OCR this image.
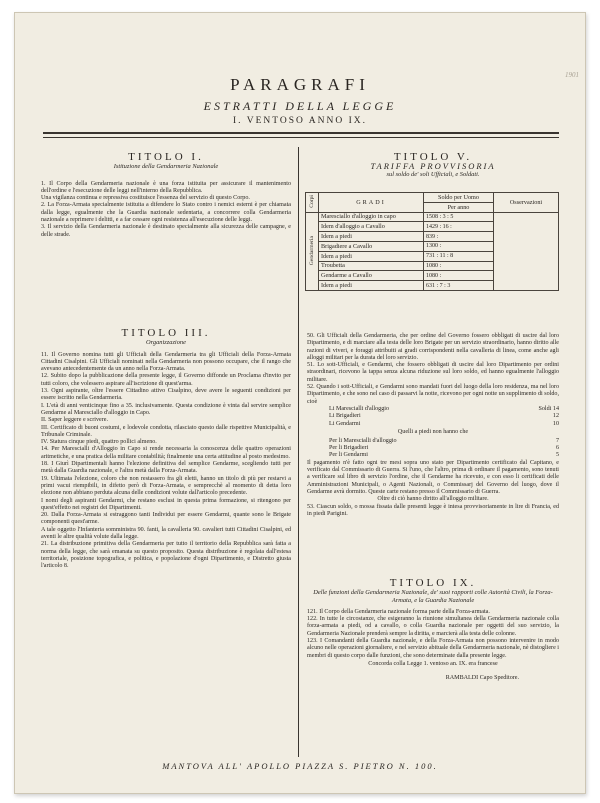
1901
PARAGRAFI
ESTRATTI DELLA LEGGE
I. VENTOSO ANNO IX.
TITOLO I.
Istituzione della Gendarmeria Nazionale

1. Il Corpo della Gendarmeria nazionale è una forza istituita per assicurare il mantenimento dell'ordine e l'esecuzione delle leggi nell'interno della Repubblica.

Una vigilanza continua e repressiva costituisce l'essenza del servizio di questo Corpo.

2. La Forza-Armata specialmente istituita a difendere lo Stato contro i nemici esterni è per chiamata dalla legge, egualmente che la Guardia nazionale sedentaria, a concorrere colla Gendarmeria nazionale a reprimere i delitti, e a far cessare ogni resistenza all'esecuzione delle leggi.

3. Il servizio della Gendarmeria nazionale è destinato specialmente alla sicurezza delle campagne, e delle strade.

TITOLO III.
Organizzazione

11. Il Governo nomina tutti gli Ufficiali della Gendarmeria tra gli Ufficiali della Forza-Armata Cittadini Cisalpini. Gli Ufficiali nominati nella Gendarmeria non possono occupare, che il rango che avevano antecedentemente da un anno nella Forza-Armata.

12. Subito dopo la pubblicazione della presente legge, il Governo diffonde un Proclama d'invito per tutti coloro, che volessero aspirare all'iscrizione di quest'arma.

13. Ogni aspirante, oltre l'essere Cittadino attivo Cisalpino, deve avere le seguenti condizioni per essere iscritto nella Gendarmeria.

I. L'età di anni venticinque fino a 35. inclusivamente. Questa condizione è vinta dal servire semplice Gendarme al Maresciallo d'alloggio in Capo.

II. Saper leggere e scrivere.

III. Certificato di buoni costumi, e lodevole condotta, rilasciato questo dalle rispettive Municipalità, e Tribunale Criminale.

IV. Statura cinque piedi, quattro pollici almeno.

14. Per Marescialli d'Alloggio in Capo si rende necessaria la conoscenza delle quattro operazioni aritmetiche, e una pratica della militare contabilità; finalmente una certa attitudine al posto medesimo.

18. I Giurì Dipartimentali hanno l'elezione definitiva del semplice Gendarme, scegliendo tutti per metà dalla Guardia nazionale, e l'altra metà dalla Forza-Armata.

19. Ultimata l'elezione, coloro che non restassero fra gli eletti, hanno un titolo di più per restarvi a primi vacui riempibili, in difetto però di Forza-Armata, e semprecchè al momento di detta loro elezione non abbiano perduta alcuna delle condizioni volute dall'articolo precedente.

I nomi degli aspiranti Gendarmi, che restano esclusi in questa prima formazione, si ritengono per quest'effetto nei registri dei Dipartimenti.

20. Dalla Forza-Armata si estraggono tanti Individui per essere Gendarmi, quante sono le Brigate componenti quest'arme.

A tale oggetto l'Infanteria somministra 90. fanti, la cavalleria 90. cavalieri tutti Cittadini Cisalpini, ed aventi le altre qualità volute dalla legge.

21. La distribuzione primitiva della Gendarmeria per tutto il territorio della Repubblica sarà fatta a norma della legge, che sarà emanata su questo proposito. Questa distribuzione è regolata dall'estesa territoriale, posizione topografica, e politica, e popolazione d'ogni Dipartimento, e Distretto giusta l'articolo 8.

TITOLO V.
TARIFFA PROVVISORIA
sul soldo de' soli Ufficiali, e Soldati.
Corpi	GRADI	Soldo per Uomo	Osservazioni
		Per anno	
Gendarmeria	Maresciallo d'alloggio in capo	1508 : 3 : 5	
	Idem d'alloggio a Cavallo	1429 : 16 :	
	Idem a piedi	839 :	
	Brigadiere a Cavallo	1300 :	
	Idem a piedi	731 : 11 : 8	
	Troubetta	1080 :	
	Gendarme a Cavallo	1080 :	
	Idem a piedi	631 : 7 : 3	

50. Gli Ufficiali della Gendarmeria, che per ordine del Governo fossero obbligati di uscire dal loro Dipartimento, e di marciare alla testa delle loro Brigate per un servizio straordinario, hanno diritto alle razioni di viveri, e foraggi attribuiti ai gradi corrispondenti nella cavalleria di linea, come anche agli alloggi militari per la durata del loro servizio.

51. Lo sott-Ufficiali, e Gendarmi, che fossero obbligati di uscire dal loro Dipartimento per ordini straordinari, ricevono la tappa senza alcuna riduzione sul loro soldo, ed hanno egualmente l'alloggio militare.

52. Quando i sott-Ufficiali, e Gendarmi sono mandati fuori del luogo della loro residenza, ma nel loro Dipartimento, e che sono nel caso di passarvi la notte, ricevono per ogni notte un supplimento di soldo, cioè

Li Marescialli d'alloggio	Soldi 14
Li Brigadieri	12
Li Gendarmi	10
Quelli a piedi non hanno che	
Per li Marescialli d'alloggio	7
Per li Brigadieri	6
Per li Gendarmi	5

Il pagamento n'è fatto ogni tre mesi sopra uno stato per Dipartimento certificato dal Capitano, e verificato dal Commissario di Guerra. Si l'uno, che l'altro, prima di ordinare il pagamento, sono tenuti a verificare sul libro di servizio l'ordine, che il Gendarme ha ricevuto, e con esso li certificati delle Amministrazioni Municipali, o Agenti Nazionali, o Commissarj del Governo del luogo, dove il Gendarme avrà dormito. Queste carte restano presso il Commissario di Guerra.

Oltre di ciò hanno diritto all'alloggio militare.

53. Ciascun soldo, o mossa fissata dalle presenti legge è intesa provvisoriamente in lire di Francia, ed in piedi Parigini.

TITOLO IX.
Delle funzioni della Gendarmeria Nazionale, de' suoi rapporti colle Autorità Civili, la Forza-Armata, e la Guardia Nazionale

121. Il Corpo della Gendarmeria nazionale forma parte della Forza-armata.

122. In tutte le circostanze, che esigeranno la riunione simultanea della Gendarmeria nazionale colla forza-armata a piedi, od a cavallo, o colla Guardia nazionale per oggetti del suo servizio, la Gendarmeria Nazionale prenderà sempre la diritta, e marcierà alla testa delle colonne.

123. I Comandanti della Guardia nazionale, e della Forza-Armata non possono intervenire in modo alcuno nelle operazioni giornaliere, e nel servizio abituale della Gendarmeria nazionale, nè distogliere i membri di questo corpo dalle funzioni, che sono determinate dalla presente legge.

Concorda colla Legge 1. ventoso an. IX. era francese

RAMBALDI Capo Speditore.
MANTOVA ALL' APOLLO PIAZZA S. PIETRO N. 100.
